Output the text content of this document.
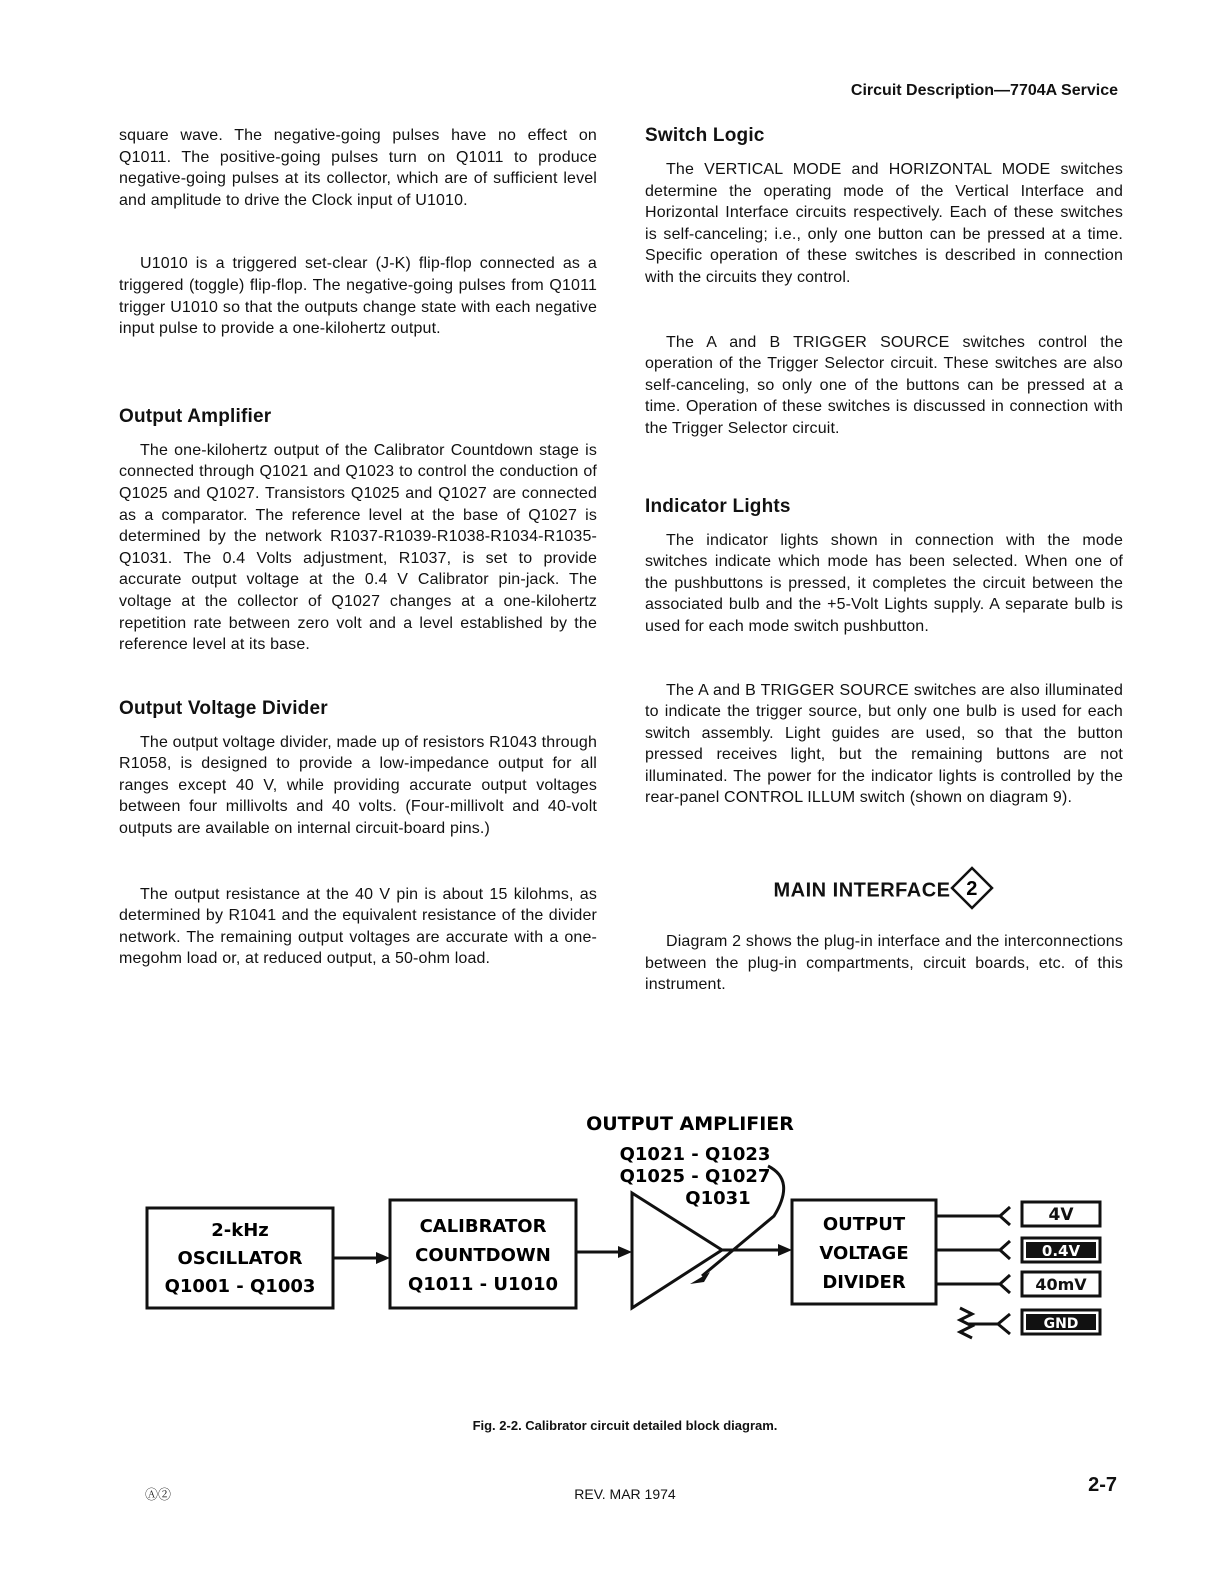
Circuit Description—7704A Service

square wave. The negative-going pulses have no effect on Q1011. The positive-going pulses turn on Q1011 to produce negative-going pulses at its collector, which are of sufficient level and amplitude to drive the Clock input of U1010.

U1010 is a triggered set-clear (J-K) flip-flop connected as a triggered (toggle) flip-flop. The negative-going pulses from Q1011 trigger U1010 so that the outputs change state with each negative input pulse to provide a one-kilohertz output.

Output Amplifier

The one-kilohertz output of the Calibrator Countdown stage is connected through Q1021 and Q1023 to control the conduction of Q1025 and Q1027. Transistors Q1025 and Q1027 are connected as a comparator. The reference level at the base of Q1027 is determined by the network R1037-R1039-R1038-R1034-R1035-Q1031. The 0.4 Volts adjustment, R1037, is set to provide accurate output voltage at the 0.4 V Calibrator pin-jack. The voltage at the collector of Q1027 changes at a one-kilohertz repetition rate between zero volt and a level established by the reference level at its base.

Output Voltage Divider

The output voltage divider, made up of resistors R1043 through R1058, is designed to provide a low-impedance output for all ranges except 40 V, while providing accurate output voltages between four millivolts and 40 volts. (Four-millivolt and 40-volt outputs are available on internal circuit-board pins.)

The output resistance at the 40 V pin is about 15 kilohms, as determined by R1041 and the equivalent resistance of the divider network. The remaining output voltages are accurate with a one-megohm load or, at reduced output, a 50-ohm load.

Switch Logic

The VERTICAL MODE and HORIZONTAL MODE switches determine the operating mode of the Vertical Interface and Horizontal Interface circuits respectively. Each of these switches is self-canceling; i.e., only one button can be pressed at a time. Specific operation of these switches is described in connection with the circuits they control.

The A and B TRIGGER SOURCE switches control the operation of the Trigger Selector circuit. These switches are also self-canceling, so only one of the buttons can be pressed at a time. Operation of these switches is discussed in connection with the Trigger Selector circuit.

Indicator Lights

The indicator lights shown in connection with the mode switches indicate which mode has been selected. When one of the pushbuttons is pressed, it completes the circuit between the associated bulb and the +5-Volt Lights supply. A separate bulb is used for each mode switch pushbutton.

The A and B TRIGGER SOURCE switches are also illuminated to indicate the trigger source, but only one bulb is used for each switch assembly. Light guides are used, so that the button pressed receives light, but the remaining buttons are not illuminated. The power for the indicator lights is controlled by the rear-panel CONTROL ILLUM switch (shown on diagram 9).

MAIN INTERFACE 2

Diagram 2 shows the plug-in interface and the interconnections between the plug-in compartments, circuit boards, etc. of this instrument.

OUTPUT AMPLIFIER
Q1021 - Q1023
Q1025 - Q1027
Q1031
2-kHz
OSCILLATOR
Q1001 - Q1003
CALIBRATOR
COUNTDOWN
Q1011 - U1010
OUTPUT
VOLTAGE
DIVIDER
4V
0.4V
40mV
GND
Fig. 2-2. Calibrator circuit detailed block diagram.
Ⓐ②	REV. MAR 1974	2-7
